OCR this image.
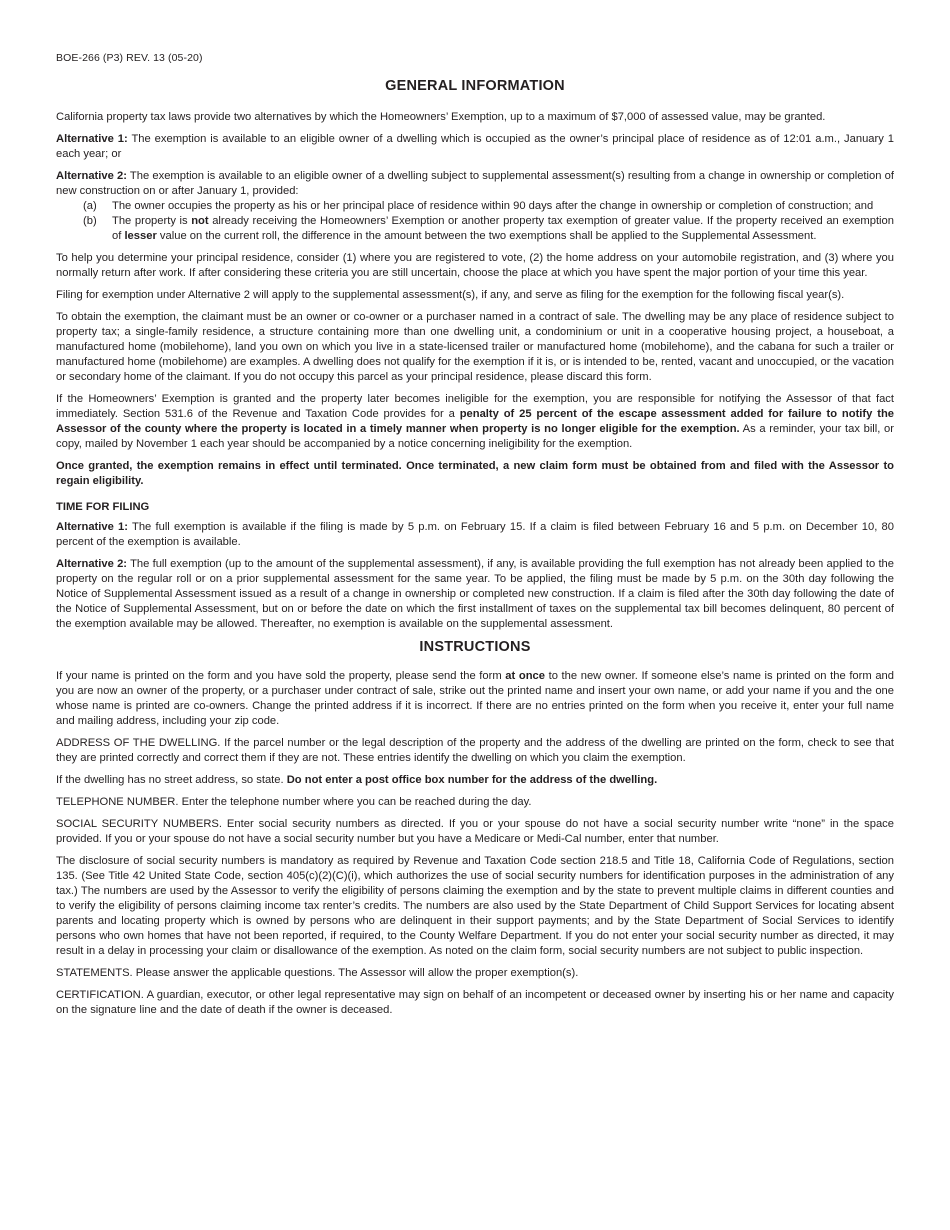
BOE-266 (P3) REV. 13 (05-20)
GENERAL INFORMATION

California property tax laws provide two alternatives by which the Homeowners’ Exemption, up to a maximum of $7,000 of assessed value, may be granted.

Alternative 1: The exemption is available to an eligible owner of a dwelling which is occupied as the owner’s principal place of residence as of 12:01 a.m., January 1 each year; or

Alternative 2: The exemption is available to an eligible owner of a dwelling subject to supplemental assessment(s) resulting from a change in ownership or completion of new construction on or after January 1, provided:

(a)	The owner occupies the property as his or her principal place of residence within 90 days after the change in ownership or completion of construction; and
(b)	The property is not already receiving the Homeowners’ Exemption or another property tax exemption of greater value. If the property received an exemption of lesser value on the current roll, the difference in the amount between the two exemptions shall be applied to the Supplemental Assessment.

To help you determine your principal residence, consider (1) where you are registered to vote, (2) the home address on your automobile registration, and (3) where you normally return after work. If after considering these criteria you are still uncertain, choose the place at which you have spent the major portion of your time this year.

Filing for exemption under Alternative 2 will apply to the supplemental assessment(s), if any, and serve as filing for the exemption for the following fiscal year(s).

To obtain the exemption, the claimant must be an owner or co-owner or a purchaser named in a contract of sale. The dwelling may be any place of residence subject to property tax; a single-family residence, a structure containing more than one dwelling unit, a condominium or unit in a cooperative housing project, a houseboat, a manufactured home (mobilehome), land you own on which you live in a state-licensed trailer or manufactured home (mobilehome), and the cabana for such a trailer or manufactured home (mobilehome) are examples. A dwelling does not qualify for the exemption if it is, or is intended to be, rented, vacant and unoccupied, or the vacation or secondary home of the claimant. If you do not occupy this parcel as your principal residence, please discard this form.

If the Homeowners’ Exemption is granted and the property later becomes ineligible for the exemption, you are responsible for notifying the Assessor of that fact immediately. Section 531.6 of the Revenue and Taxation Code provides for a penalty of 25 percent of the escape assessment added for failure to notify the Assessor of the county where the property is located in a timely manner when property is no longer eligible for the exemption. As a reminder, your tax bill, or copy, mailed by November 1 each year should be accompanied by a notice concerning ineligibility for the exemption.

Once granted, the exemption remains in effect until terminated. Once terminated, a new claim form must be obtained from and filed with the Assessor to regain eligibility.

TIME FOR FILING

Alternative 1: The full exemption is available if the filing is made by 5 p.m. on February 15. If a claim is filed between February 16 and 5 p.m. on December 10, 80 percent of the exemption is available.

Alternative 2: The full exemption (up to the amount of the supplemental assessment), if any, is available providing the full exemption has not already been applied to the property on the regular roll or on a prior supplemental assessment for the same year. To be applied, the filing must be made by 5 p.m. on the 30th day following the Notice of Supplemental Assessment issued as a result of a change in ownership or completed new construction. If a claim is filed after the 30th day following the date of the Notice of Supplemental Assessment, but on or before the date on which the first installment of taxes on the supplemental tax bill becomes delinquent, 80 percent of the exemption available may be allowed. Thereafter, no exemption is available on the supplemental assessment.

INSTRUCTIONS

If your name is printed on the form and you have sold the property, please send the form at once to the new owner. If someone else’s name is printed on the form and you are now an owner of the property, or a purchaser under contract of sale, strike out the printed name and insert your own name, or add your name if you and the one whose name is printed are co-owners. Change the printed address if it is incorrect. If there are no entries printed on the form when you receive it, enter your full name and mailing address, including your zip code.

ADDRESS OF THE DWELLING. If the parcel number or the legal description of the property and the address of the dwelling are printed on the form, check to see that they are printed correctly and correct them if they are not. These entries identify the dwelling on which you claim the exemption.

If the dwelling has no street address, so state. Do not enter a post office box number for the address of the dwelling.

TELEPHONE NUMBER. Enter the telephone number where you can be reached during the day.

SOCIAL SECURITY NUMBERS. Enter social security numbers as directed. If you or your spouse do not have a social security number write “none” in the space provided. If you or your spouse do not have a social security number but you have a Medicare or Medi-Cal number, enter that number.

The disclosure of social security numbers is mandatory as required by Revenue and Taxation Code section 218.5 and Title 18, California Code of Regulations, section 135. (See Title 42 United State Code, section 405(c)(2)(C)(i), which authorizes the use of social security numbers for identification purposes in the administration of any tax.) The numbers are used by the Assessor to verify the eligibility of persons claiming the exemption and by the state to prevent multiple claims in different counties and to verify the eligibility of persons claiming income tax renter’s credits. The numbers are also used by the State Department of Child Support Services for locating absent parents and locating property which is owned by persons who are delinquent in their support payments; and by the State Department of Social Services to identify persons who own homes that have not been reported, if required, to the County Welfare Department. If you do not enter your social security number as directed, it may result in a delay in processing your claim or disallowance of the exemption. As noted on the claim form, social security numbers are not subject to public inspection.

STATEMENTS. Please answer the applicable questions. The Assessor will allow the proper exemption(s).

CERTIFICATION. A guardian, executor, or other legal representative may sign on behalf of an incompetent or deceased owner by inserting his or her name and capacity on the signature line and the date of death if the owner is deceased.
